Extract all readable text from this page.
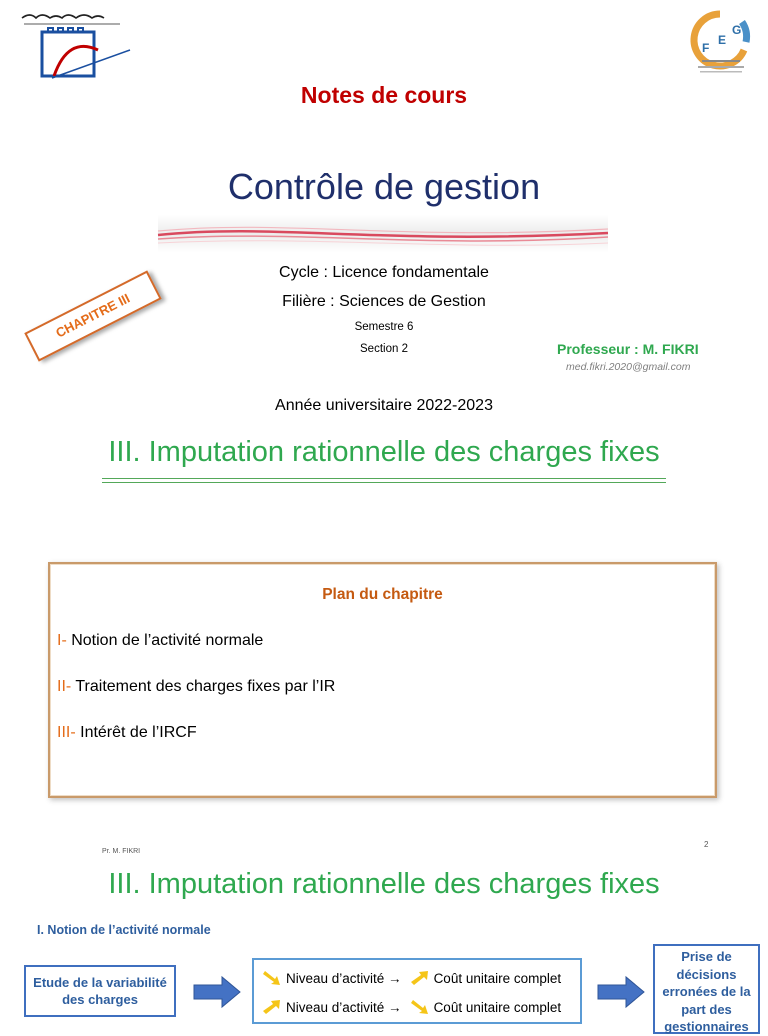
F
E
G
Notes de cours
Contrôle de gestion
Cycle : Licence fondamentale
Filière : Sciences de Gestion
Semestre 6
Section 2
CHAPITRE III
Professeur : M. FIKRI
med.fikri.2020@gmail.com
Année universitaire 2022-2023
III. Imputation rationnelle des charges fixes
Plan du chapitre
I- Notion de l’activité normale
II- Traitement des charges fixes par l’IR
III- Intérêt de l’IRCF
Pr. M. FIKRI
2
III. Imputation rationnelle des charges fixes
I. Notion de l’activité normale
Etude de la variabilité des charges
Niveau d’activité → Coût unitaire complet
Niveau d’activité → Coût unitaire complet
Prise de décisions erronées de la part des gestionnaires
